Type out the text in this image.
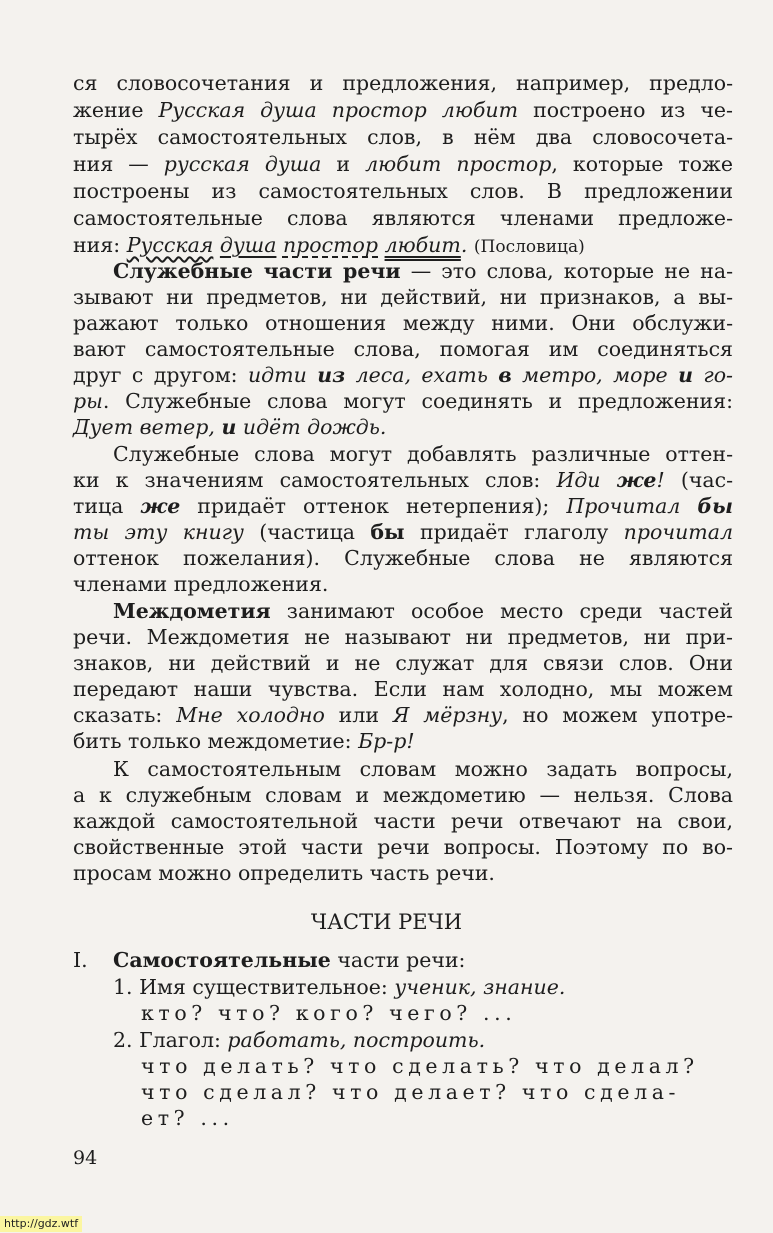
ся словосочетания и предложения, например, предло-
жение Русская душа простор любит построено из че-
тырёх самостоятельных слов, в нём два словосочета-
ния — русская душа и любит простор, которые тоже
построены из самостоятельных слов. В предложении
самостоятельные слова являются членами предложе-
ния: Русская душа простор любит. (Пословица)
Служебные части речи — это слова, которые не на-
зывают ни предметов, ни действий, ни признаков, а вы-
ражают только отношения между ними. Они обслужи-
вают самостоятельные слова, помогая им соединяться
друг с другом: идти из леса, ехать в метро, море и го-
ры. Служебные слова могут соединять и предложения:
Дует ветер, и идёт дождь.
Служебные слова могут добавлять различные оттен-
ки к значениям самостоятельных слов: Иди же! (час-
тица же придаёт оттенок нетерпения); Прочитал бы
ты эту книгу (частица бы придаёт глаголу прочитал
оттенок пожелания). Служебные слова не являются
членами предложения.
Междометия занимают особое место среди частей
речи. Междометия не называют ни предметов, ни при-
знаков, ни действий и не служат для связи слов. Они
передают наши чувства. Если нам холодно, мы можем
сказать: Мне холодно или Я мёрзну, но можем употре-
бить только междометие: Бр-р!
К самостоятельным словам можно задать вопросы,
а к служебным словам и междометию — нельзя. Слова
каждой самостоятельной части речи отвечают на свои,
свойственные этой части речи вопросы. Поэтому по во-
просам можно определить часть речи.
ЧАСТИ РЕЧИ
I. Самостоятельные части речи:
1. Имя существительное: ученик, знание.
кто? что? кого? чего? ...
2. Глагол: работать, построить.
что делать? что сделать? что делал?
что сделал? что делает? что сдела-
ет? ...
94
http://gdz.wtf
